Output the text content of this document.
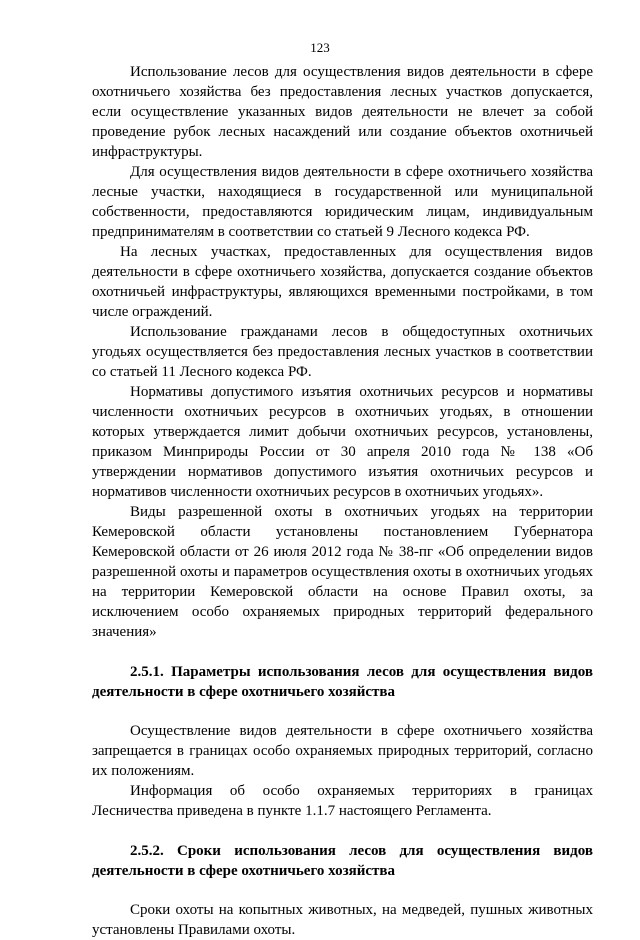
123

Использование лесов для осуществления видов деятельности в сфере охотничьего хозяйства без предоставления лесных участков допускается, если осуществление указанных видов деятельности не влечет за собой проведение рубок лесных насаждений или создание объектов охотничьей инфраструктуры.

Для осуществления видов деятельности в сфере охотничьего хозяйства лесные участки, находящиеся в государственной или муниципальной собственности, предоставляются юридическим лицам, индивидуальным предпринимателям в соответствии со статьей 9 Лесного кодекса РФ.

На лесных участках, предоставленных для осуществления видов деятельности в сфере охотничьего хозяйства, допускается создание объектов охотничьей инфраструктуры, являющихся временными постройками, в том числе ограждений.

Использование гражданами лесов в общедоступных охотничьих угодьях осуществляется без предоставления лесных участков в соответствии со статьей 11 Лесного кодекса РФ.

Нормативы допустимого изъятия охотничьих ресурсов и нормативы численности охотничьих ресурсов в охотничьих угодьях, в отношении которых утверждается лимит добычи охотничьих ресурсов, установлены, приказом Минприроды России от 30 апреля 2010 года № 138 «Об утверждении нормативов допустимого изъятия охотничьих ресурсов и нормативов численности охотничьих ресурсов в охотничьих угодьях».

Виды разрешенной охоты в охотничьих угодьях на территории Кемеровской области установлены постановлением Губернатора Кемеровской области от 26 июля 2012 года № 38-пг «Об определении видов разрешенной охоты и параметров осуществления охоты в охотничьих угодьях на территории Кемеровской области на основе Правил охоты, за исключением особо охраняемых природных территорий федерального значения»

2.5.1. Параметры использования лесов для осуществления видов деятельности в сфере охотничьего хозяйства

Осуществление видов деятельности в сфере охотничьего хозяйства запрещается в границах особо охраняемых природных территорий, согласно их положениям.

Информация об особо охраняемых территориях в границах Лесничества приведена в пункте 1.1.7 настоящего Регламента.

2.5.2. Сроки использования лесов для осуществления видов деятельности в сфере охотничьего хозяйства

Сроки охоты на копытных животных, на медведей, пушных животных установлены Правилами охоты.
